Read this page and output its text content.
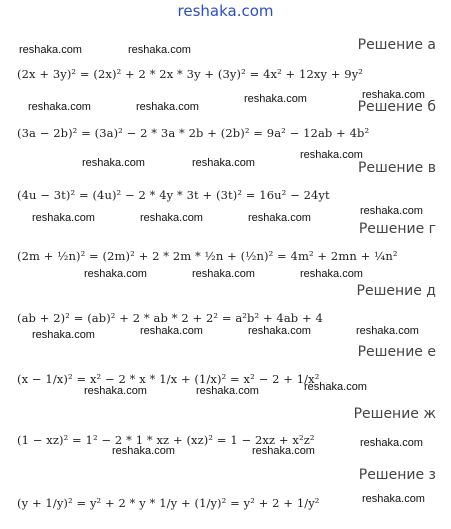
reshaka.com
reshaka.com	reshaka.com
reshaka.com	reshaka.com
reshaka.com	reshaka.com
reshaka.com	reshaka.com
reshaka.com
reshaka.com	reshaka.com	reshaka.com
reshaka.com
reshaka.com	reshaka.com	reshaka.com
reshaka.com	reshaka.com	reshaka.com	reshaka.com
reshaka.com	reshaka.com	reshaka.com
reshaka.com
reshaka.com	reshaka.com
reshaka.com
Решение а
(2x + 3y)² = (2x)² + 2 * 2x * 3y + (3y)² = 4x² + 12xy + 9y²
Решение б
(3a − 2b)² = (3a)² − 2 * 3a * 2b + (2b)² = 9a² − 12ab + 4b²
Решение в
(4u − 3t)² = (4u)² − 2 * 4y * 3t + (3t)² = 16u² − 24yt
Решение г
(2m + ½n)² = (2m)² + 2 * 2m * ½n + (½n)² = 4m² + 2mn + ¼n²
Решение д
(ab + 2)² = (ab)² + 2 * ab * 2 + 2² = a²b² + 4ab + 4
Решение е
(x − 1/x)² = x² − 2 * x * 1/x + (1/x)² = x² − 2 + 1/x²
Решение ж
(1 − xz)² = 1² − 2 * 1 * xz + (xz)² = 1 − 2xz + x²z²
Решение з
(y + 1/y)² = y² + 2 * y * 1/y + (1/y)² = y² + 2 + 1/y²
